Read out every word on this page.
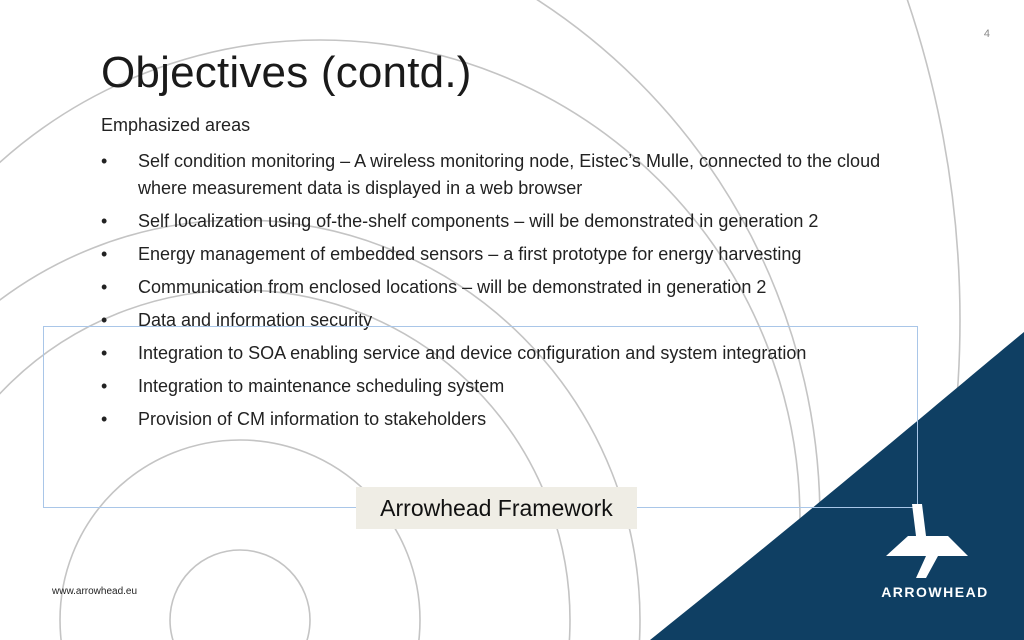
4
Objectives (contd.)
Emphasized areas
• Self condition monitoring – A wireless monitoring node, Eistec’s Mulle, connected to the cloud where measurement data is displayed in a web browser
• Self localization using of-the-shelf components – will be demonstrated in generation 2
• Energy management of embedded sensors – a first prototype for energy harvesting
• Communication from enclosed locations – will be demonstrated in generation 2
• Data and information security
• Integration to SOA enabling service and device configuration and system integration
• Integration to maintenance scheduling system
• Provision of CM information to stakeholders
Arrowhead Framework
www.arrowhead.eu	ARROWHEAD
